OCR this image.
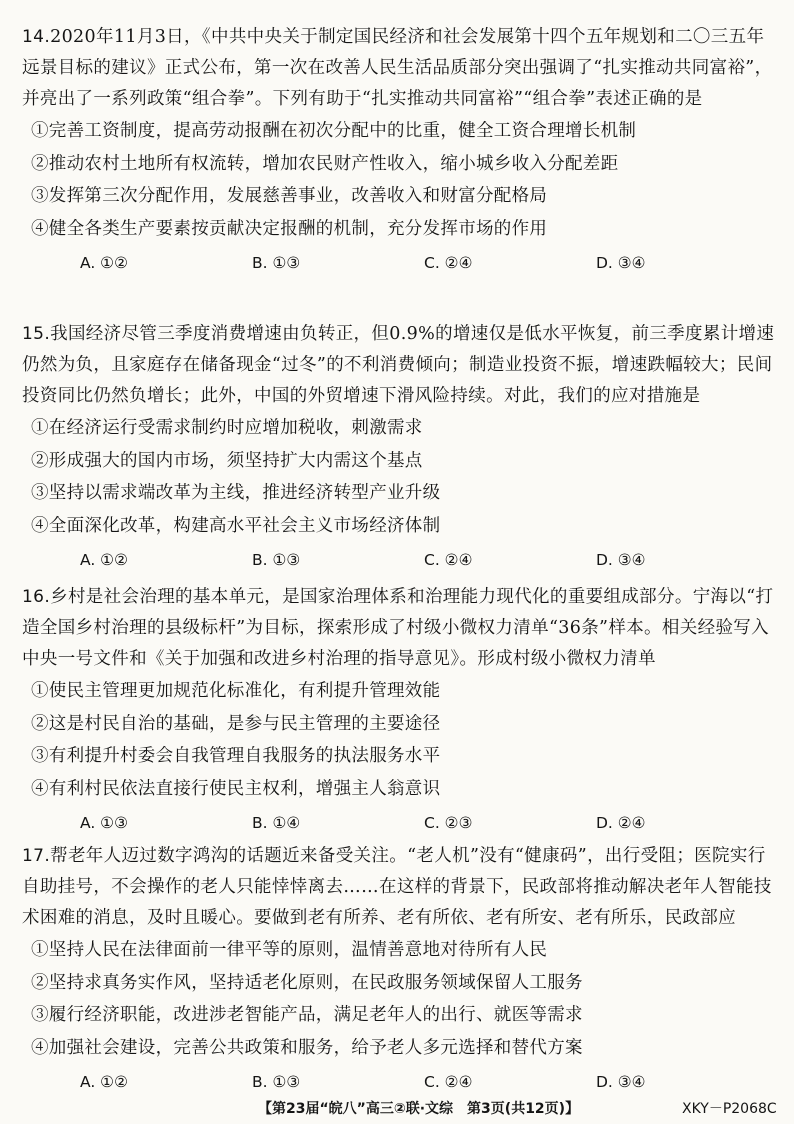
14.2020年11月3日，《中共中央关于制定国民经济和社会发展第十四个五年规划和二〇三五年远景目标的建议》正式公布，第一次在改善人民生活品质部分突出强调了“扎实推动共同富裕”，并亮出了一系列政策“组合拳”。下列有助于“扎实推动共同富裕”“组合拳”表述正确的是

①完善工资制度，提高劳动报酬在初次分配中的比重，健全工资合理增长机制

②推动农村土地所有权流转，增加农民财产性收入，缩小城乡收入分配差距

③发挥第三次分配作用，发展慈善事业，改善收入和财富分配格局

④健全各类生产要素按贡献决定报酬的机制，充分发挥市场的作用

A. ①②	B. ①③	C. ②④	D. ③④

15.我国经济尽管三季度消费增速由负转正，但0.9%的增速仅是低水平恢复，前三季度累计增速仍然为负，且家庭存在储备现金“过冬”的不利消费倾向；制造业投资不振，增速跌幅较大；民间投资同比仍然负增长；此外，中国的外贸增速下滑风险持续。对此，我们的应对措施是

①在经济运行受需求制约时应增加税收，刺激需求

②形成强大的国内市场，须坚持扩大内需这个基点

③坚持以需求端改革为主线，推进经济转型产业升级

④全面深化改革，构建高水平社会主义市场经济体制

A. ①②	B. ①③	C. ②④	D. ③④

16.乡村是社会治理的基本单元，是国家治理体系和治理能力现代化的重要组成部分。宁海以“打造全国乡村治理的县级标杆”为目标，探索形成了村级小微权力清单“36条”样本。相关经验写入中央一号文件和《关于加强和改进乡村治理的指导意见》。形成村级小微权力清单

①使民主管理更加规范化标准化，有利提升管理效能

②这是村民自治的基础，是参与民主管理的主要途径

③有利提升村委会自我管理自我服务的执法服务水平

④有利村民依法直接行使民主权利，增强主人翁意识

A. ①③	B. ①④	C. ②③	D. ②④

17.帮老年人迈过数字鸿沟的话题近来备受关注。“老人机”没有“健康码”，出行受阻；医院实行自助挂号，不会操作的老人只能悻悻离去……在这样的背景下，民政部将推动解决老年人智能技术困难的消息，及时且暖心。要做到老有所养、老有所依、老有所安、老有所乐，民政部应

①坚持人民在法律面前一律平等的原则，温情善意地对待所有人民

②坚持求真务实作风，坚持适老化原则，在民政服务领域保留人工服务

③履行经济职能，改进涉老智能产品，满足老年人的出行、就医等需求

④加强社会建设，完善公共政策和服务，给予老人多元选择和替代方案

A. ①②	B. ①③	C. ②④	D. ③④
【第23届“皖八”高三②联·文综　第3页(共12页)】	XKY－P2068C
